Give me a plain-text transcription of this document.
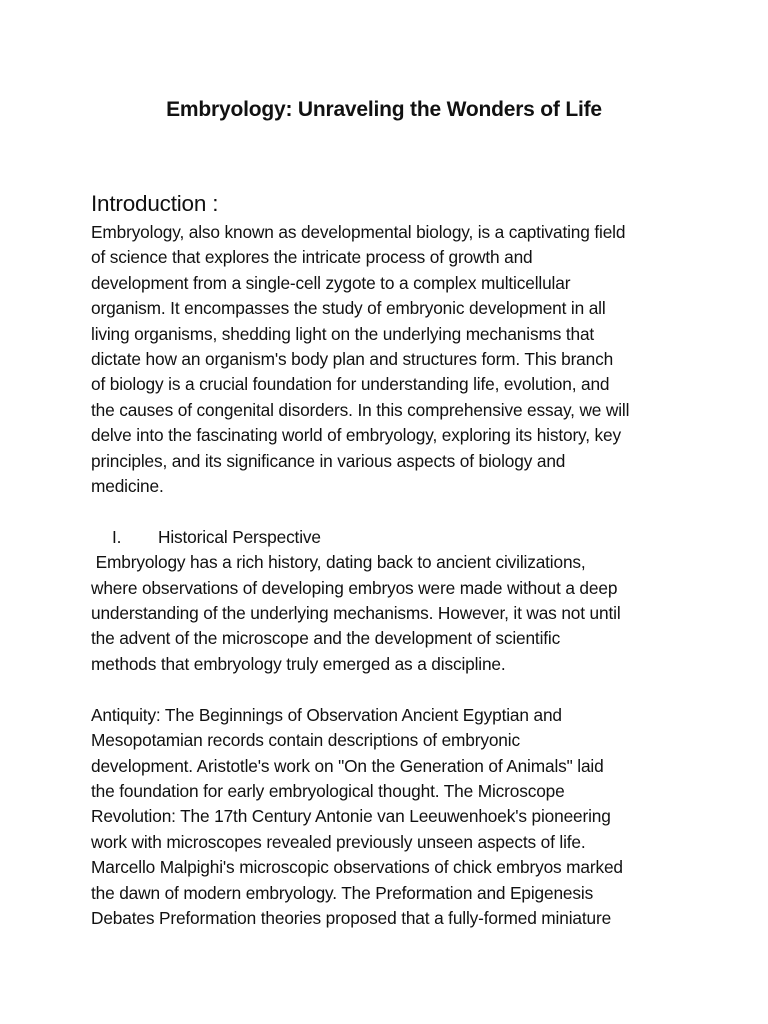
Embryology: Unraveling the Wonders of Life
Introduction :

Embryology, also known as developmental biology, is a captivating field
of science that explores the intricate process of growth and
development from a single-cell zygote to a complex multicellular
organism. It encompasses the study of embryonic development in all
living organisms, shedding light on the underlying mechanisms that
dictate how an organism's body plan and structures form. This branch
of biology is a crucial foundation for understanding life, evolution, and
the causes of congenital disorders. In this comprehensive essay, we will
delve into the fascinating world of embryology, exploring its history, key
principles, and its significance in various aspects of biology and
medicine.

I. Historical Perspective

Embryology has a rich history, dating back to ancient civilizations,
where observations of developing embryos were made without a deep
understanding of the underlying mechanisms. However, it was not until
the advent of the microscope and the development of scientific
methods that embryology truly emerged as a discipline.

Antiquity: The Beginnings of Observation Ancient Egyptian and
Mesopotamian records contain descriptions of embryonic
development. Aristotle's work on "On the Generation of Animals" laid
the foundation for early embryological thought. The Microscope
Revolution: The 17th Century Antonie van Leeuwenhoek's pioneering
work with microscopes revealed previously unseen aspects of life.
Marcello Malpighi's microscopic observations of chick embryos marked
the dawn of modern embryology. The Preformation and Epigenesis
Debates Preformation theories proposed that a fully-formed miniature
